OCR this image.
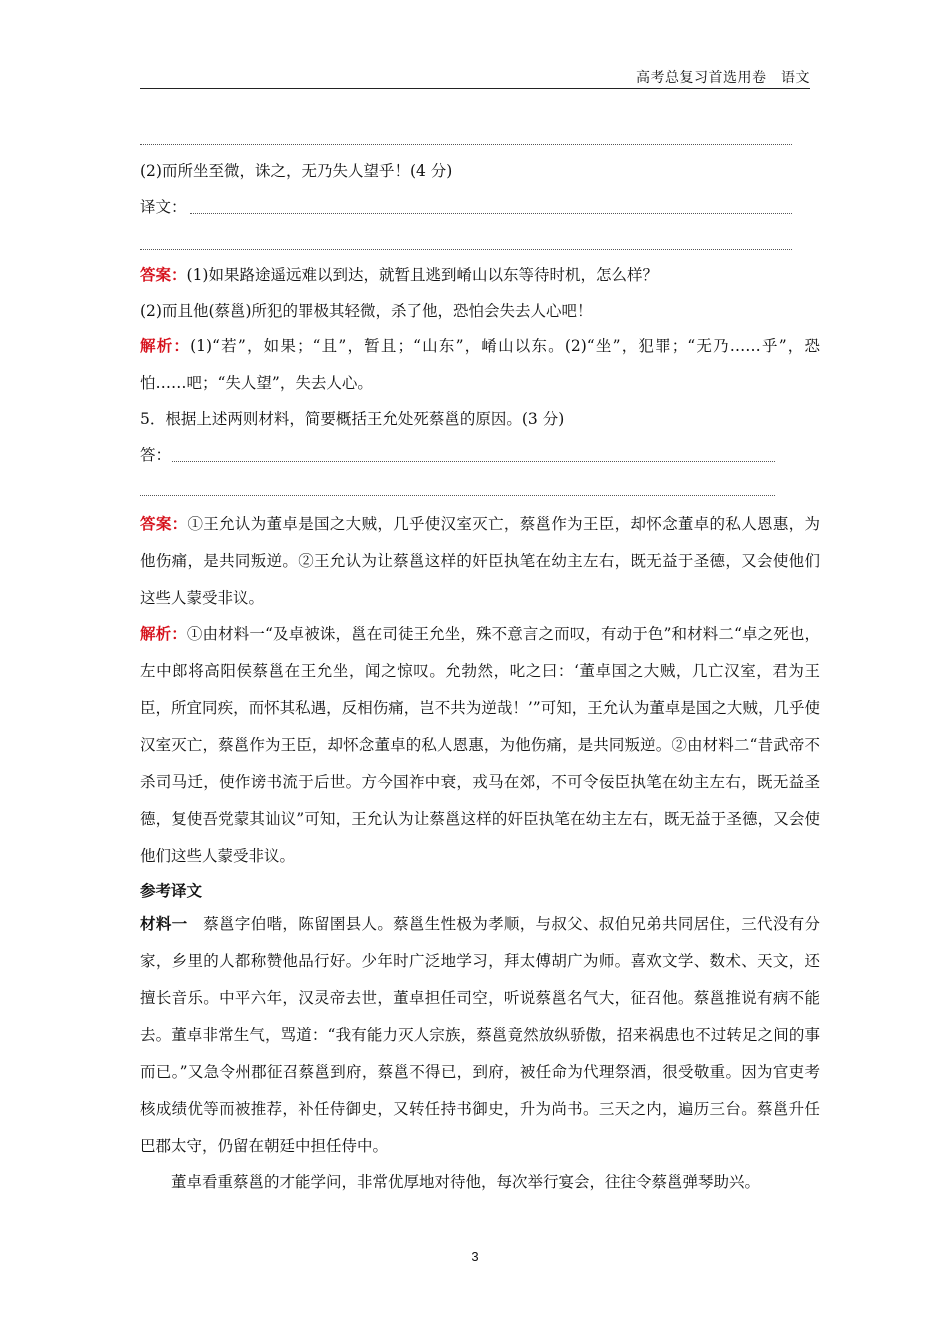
高考总复习首选用卷　语文
(2)而所坐至微，诛之，无乃失人望乎！(4 分)
译文：
答案：(1)如果路途遥远难以到达，就暂且逃到崤山以东等待时机，怎么样？
(2)而且他(蔡邕)所犯的罪极其轻微，杀了他，恐怕会失去人心吧！
解析：(1)“若”，如果；“且”，暂且；“山东”，崤山以东。(2)“坐”，犯罪；“无乃……乎”，恐怕……吧；“失人望”，失去人心。
5．根据上述两则材料，简要概括王允处死蔡邕的原因。(3 分)
答：
答案：①王允认为董卓是国之大贼，几乎使汉室灭亡，蔡邕作为王臣，却怀念董卓的私人恩惠，为他伤痛，是共同叛逆。②王允认为让蔡邕这样的奸臣执笔在幼主左右，既无益于圣德，又会使他们这些人蒙受非议。
解析：①由材料一“及卓被诛，邕在司徒王允坐，殊不意言之而叹，有动于色”和材料二“卓之死也，左中郎将高阳侯蔡邕在王允坐，闻之惊叹。允勃然，叱之曰：‘董卓国之大贼，几亡汉室，君为王臣，所宜同疾，而怀其私遇，反相伤痛，岂不共为逆哉！’”可知，王允认为董卓是国之大贼，几乎使汉室灭亡，蔡邕作为王臣，却怀念董卓的私人恩惠，为他伤痛，是共同叛逆。②由材料二“昔武帝不杀司马迁，使作谤书流于后世。方今国祚中衰，戎马在郊，不可令佞臣执笔在幼主左右，既无益圣德，复使吾党蒙其讪议”可知，王允认为让蔡邕这样的奸臣执笔在幼主左右，既无益于圣德，又会使他们这些人蒙受非议。
参考译文
材料一　蔡邕字伯喈，陈留圉县人。蔡邕生性极为孝顺，与叔父、叔伯兄弟共同居住，三代没有分家，乡里的人都称赞他品行好。少年时广泛地学习，拜太傅胡广为师。喜欢文学、数术、天文，还擅长音乐。中平六年，汉灵帝去世，董卓担任司空，听说蔡邕名气大，征召他。蔡邕推说有病不能去。董卓非常生气，骂道：“我有能力灭人宗族，蔡邕竟然放纵骄傲，招来祸患也不过转足之间的事而已。”又急令州郡征召蔡邕到府，蔡邕不得已，到府，被任命为代理祭酒，很受敬重。因为官吏考核成绩优等而被推荐，补任侍御史，又转任持书御史，升为尚书。三天之内，遍历三台。蔡邕升任巴郡太守，仍留在朝廷中担任侍中。
董卓看重蔡邕的才能学问，非常优厚地对待他，每次举行宴会，往往令蔡邕弹琴助兴。
3
